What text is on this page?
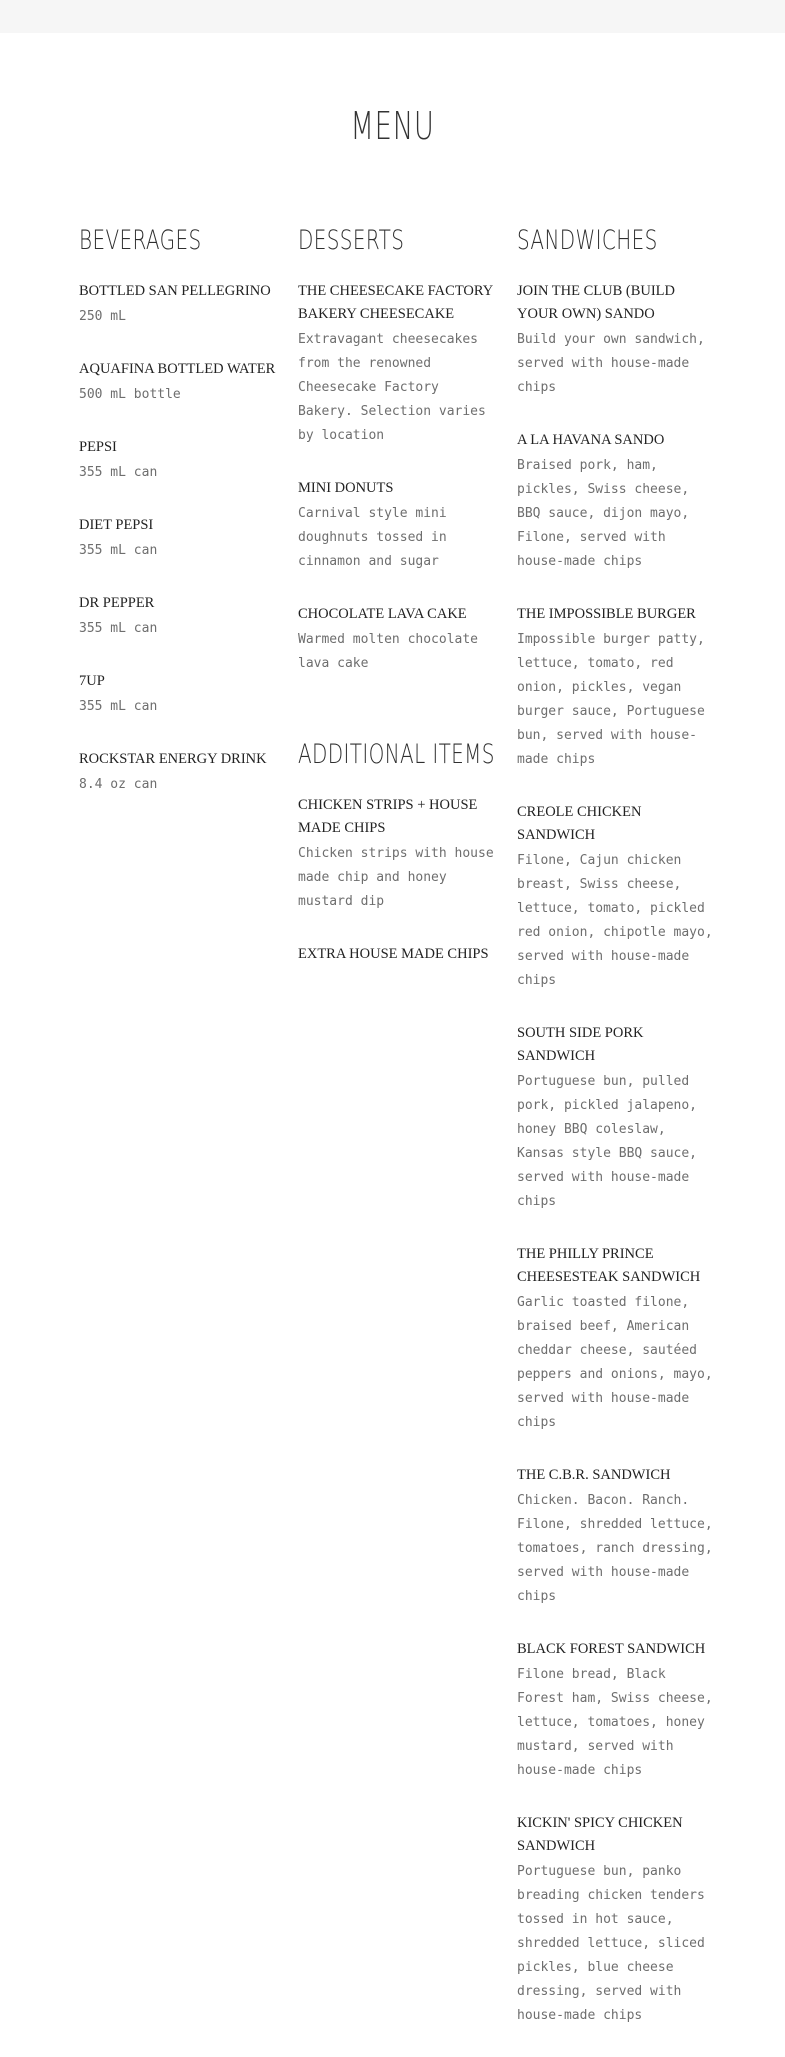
MENU
BEVERAGES
BOTTLED SAN PELLEGRINO
250 mL
AQUAFINA BOTTLED WATER
500 mL bottle
PEPSI
355 mL can
DIET PEPSI
355 mL can
DR PEPPER
355 mL can
7UP
355 mL can
ROCKSTAR ENERGY DRINK
8.4 oz can
DESSERTS
THE CHEESECAKE FACTORY BAKERY CHEESECAKE
Extravagant cheesecakes from the renowned Cheesecake Factory Bakery. Selection varies by location
MINI DONUTS
Carnival style mini doughnuts tossed in cinnamon and sugar
CHOCOLATE LAVA CAKE
Warmed molten chocolate lava cake
ADDITIONAL ITEMS
CHICKEN STRIPS + HOUSE MADE CHIPS
Chicken strips with house made chip and honey mustard dip
EXTRA HOUSE MADE CHIPS
SANDWICHES
JOIN THE CLUB (BUILD YOUR OWN) SANDO
Build your own sandwich, served with house-made chips
A LA HAVANA SANDO
Braised pork, ham, pickles, Swiss cheese, BBQ sauce, dijon mayo, Filone, served with house-made chips
THE IMPOSSIBLE BURGER
Impossible burger patty, lettuce, tomato, red onion, pickles, vegan burger sauce, Portuguese bun, served with house-made chips
CREOLE CHICKEN SANDWICH
Filone, Cajun chicken breast, Swiss cheese, lettuce, tomato, pickled red onion, chipotle mayo, served with house-made chips
SOUTH SIDE PORK SANDWICH
Portuguese bun, pulled pork, pickled jalapeno, honey BBQ coleslaw, Kansas style BBQ sauce, served with house-made chips
THE PHILLY PRINCE CHEESESTEAK SANDWICH
Garlic toasted filone, braised beef, American cheddar cheese, sautéed peppers and onions, mayo, served with house-made chips
THE C.B.R. SANDWICH
Chicken. Bacon. Ranch. Filone, shredded lettuce, tomatoes, ranch dressing, served with house-made chips
BLACK FOREST SANDWICH
Filone bread, Black Forest ham, Swiss cheese, lettuce, tomatoes, honey mustard, served with house-made chips
KICKIN' SPICY CHICKEN SANDWICH
Portuguese bun, panko breading chicken tenders tossed in hot sauce, shredded lettuce, sliced pickles, blue cheese dressing, served with house-made chips
